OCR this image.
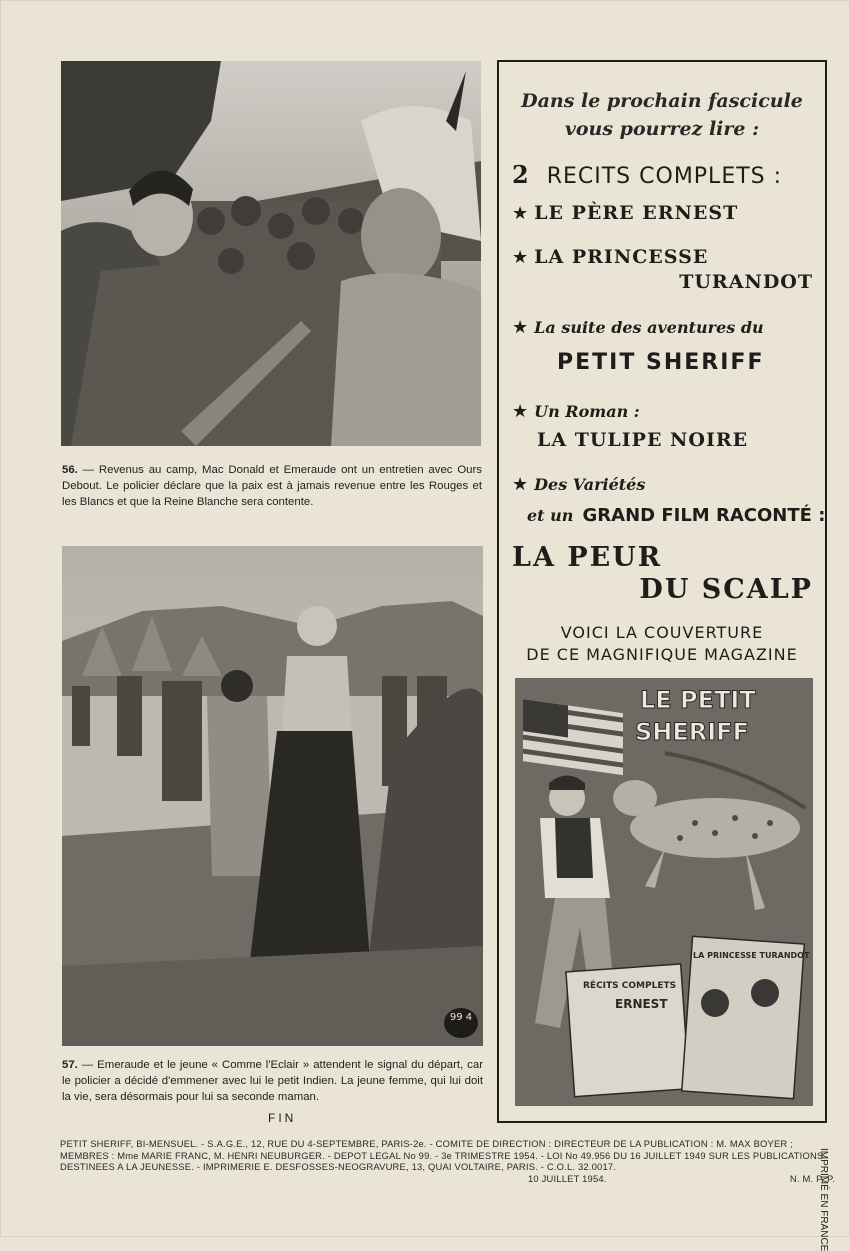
56. — Revenus au camp, Mac Donald et Emeraude ont un entretien avec Ours Debout. Le policier déclare que la paix est à jamais revenue entre les Rouges et les Blancs et que la Reine Blanche sera contente.
99 4
57. — Emeraude et le jeune « Comme l'Eclair » attendent le signal du départ, car le policier a décidé d'emmener avec lui le petit Indien. La jeune femme, qui lui doit la vie, sera désormais pour lui sa seconde maman.
FIN
Dans le prochain fascicule
vous pourrez lire :
2 RECITS COMPLETS :
★ LE PÈRE ERNEST
★ LA PRINCESSE
TURANDOT
★ La suite des aventures du
PETIT SHERIFF
★ Un Roman :
LA TULIPE NOIRE
★ Des Variétés
et un GRAND FILM RACONTÉ :
LA PEUR
DU SCALP
VOICI LA COUVERTURE
DE CE MAGNIFIQUE MAGAZINE
LE PETIT
SHERIFF
RÉCITS COMPLETS
ERNEST
LA PRINCESSE TURANDOT
PETIT SHERIFF, BI-MENSUEL. - S.A.G.E., 12, RUE DU 4-SEPTEMBRE, PARIS-2e. - COMITE DE DIRECTION : DIRECTEUR DE LA PUBLICATION : M. MAX BOYER ; MEMBRES : Mme MARIE FRANC, M. HENRI NEUBURGER. - DEPOT LEGAL No 99. - 3e TRIMESTRE 1954. - LOI No 49.956 DU 16 JUILLET 1949 SUR LES PUBLICATIONS DESTINEES A LA JEUNESSE. - IMPRIMERIE E. DESFOSSES-NEOGRAVURE, 13, QUAI VOLTAIRE, PARIS. - C.O.L. 32.0017.
10 JUILLET 1954.	N. M. P. P.
IMPRIMÉ EN FRANCE
